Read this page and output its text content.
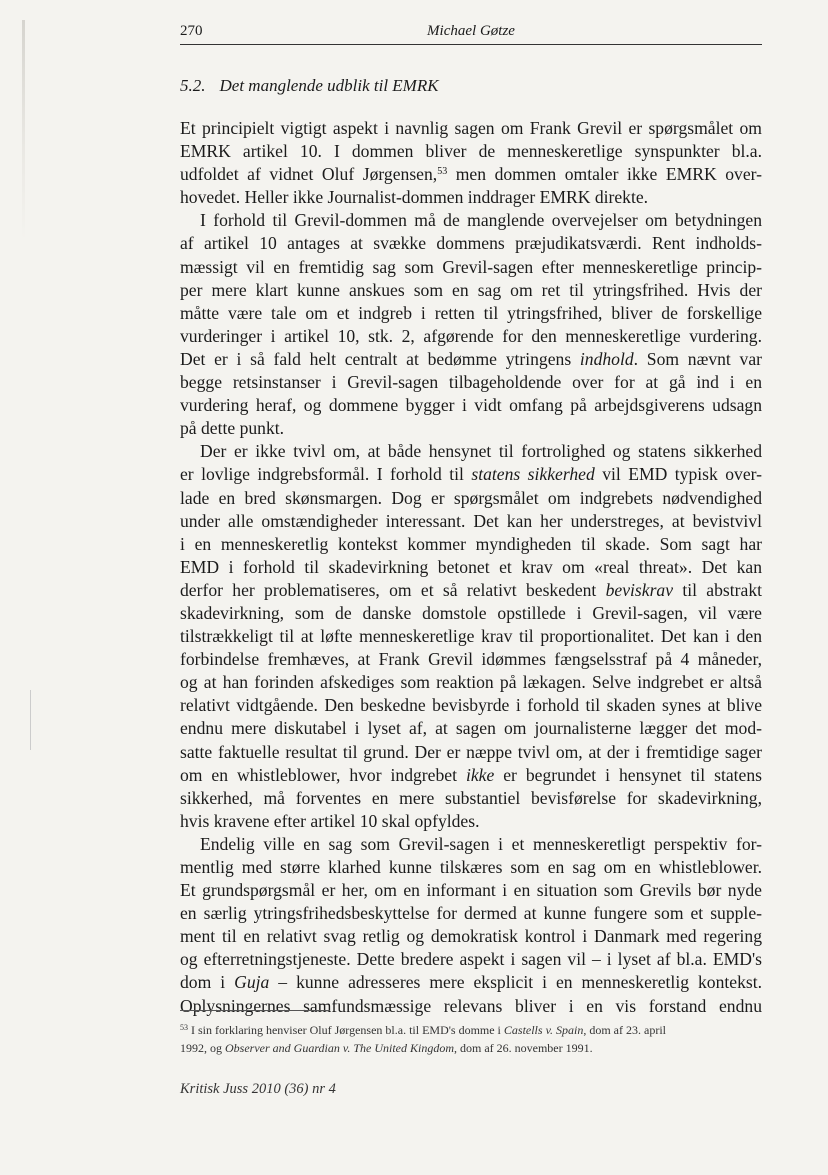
270	Michael Gøtze
5.2. Det manglende udblik til EMRK
Et principielt vigtigt aspekt i navnlig sagen om Frank Grevil er spørgsmålet om
EMRK artikel 10. I dommen bliver de menneskeretlige synspunkter bl.a.
udfoldet af vidnet Oluf Jørgensen,$^{53}$ men dommen omtaler ikke EMRK over-
hovedet. Heller ikke Journalist-dommen inddrager EMRK direkte.
I forhold til Grevil-dommen må de manglende overvejelser om betydningen
af artikel 10 antages at svække dommens præjudikatsværdi. Rent indholds-
mæssigt vil en fremtidig sag som Grevil-sagen efter menneskeretlige princip-
per mere klart kunne anskues som en sag om ret til ytringsfrihed. Hvis der
måtte være tale om et indgreb i retten til ytringsfrihed, bliver de forskellige
vurderinger i artikel 10, stk. 2, afgørende for den menneskeretlige vurdering.
Det er i så fald helt centralt at bedømme ytringens indhold. Som nævnt var
begge retsinstanser i Grevil-sagen tilbageholdende over for at gå ind i en
vurdering heraf, og dommene bygger i vidt omfang på arbejdsgiverens udsagn
på dette punkt.
Der er ikke tvivl om, at både hensynet til fortrolighed og statens sikkerhed
er lovlige indgrebsformål. I forhold til statens sikkerhed vil EMD typisk over-
lade en bred skønsmargen. Dog er spørgsmålet om indgrebets nødvendighed
under alle omstændigheder interessant. Det kan her understreges, at bevistvivl
i en menneskeretlig kontekst kommer myndigheden til skade. Som sagt har
EMD i forhold til skadevirkning betonet et krav om «real threat». Det kan
derfor her problematiseres, om et så relativt beskedent beviskrav til abstrakt
skadevirkning, som de danske domstole opstillede i Grevil-sagen, vil være
tilstrækkeligt til at løfte menneskeretlige krav til proportionalitet. Det kan i den
forbindelse fremhæves, at Frank Grevil idømmes fængselsstraf på 4 måneder,
og at han forinden afskediges som reaktion på lækagen. Selve indgrebet er altså
relativt vidtgående. Den beskedne bevisbyrde i forhold til skaden synes at blive
endnu mere diskutabel i lyset af, at sagen om journalisterne lægger det mod-
satte faktuelle resultat til grund. Der er næppe tvivl om, at der i fremtidige sager
om en whistleblower, hvor indgrebet ikke er begrundet i hensynet til statens
sikkerhed, må forventes en mere substantiel bevisførelse for skadevirkning,
hvis kravene efter artikel 10 skal opfyldes.
Endelig ville en sag som Grevil-sagen i et menneskeretligt perspektiv for-
mentlig med større klarhed kunne tilskæres som en sag om en whistleblower.
Et grundspørgsmål er her, om en informant i en situation som Grevils bør nyde
en særlig ytringsfrihedsbeskyttelse for dermed at kunne fungere som et supple-
ment til en relativt svag retlig og demokratisk kontrol i Danmark med regering
og efterretningstjeneste. Dette bredere aspekt i sagen vil – i lyset af bl.a. EMD's
dom i Guja – kunne adresseres mere eksplicit i en menneskeretlig kontekst.
Oplysningernes samfundsmæssige relevans bliver i en vis forstand endnu
$^{53}$ I sin forklaring henviser Oluf Jørgensen bl.a. til EMD's domme i Castells v. Spain, dom af 23. april
1992, og Observer and Guardian v. The United Kingdom, dom af 26. november 1991.
Kritisk Juss 2010 (36) nr 4
